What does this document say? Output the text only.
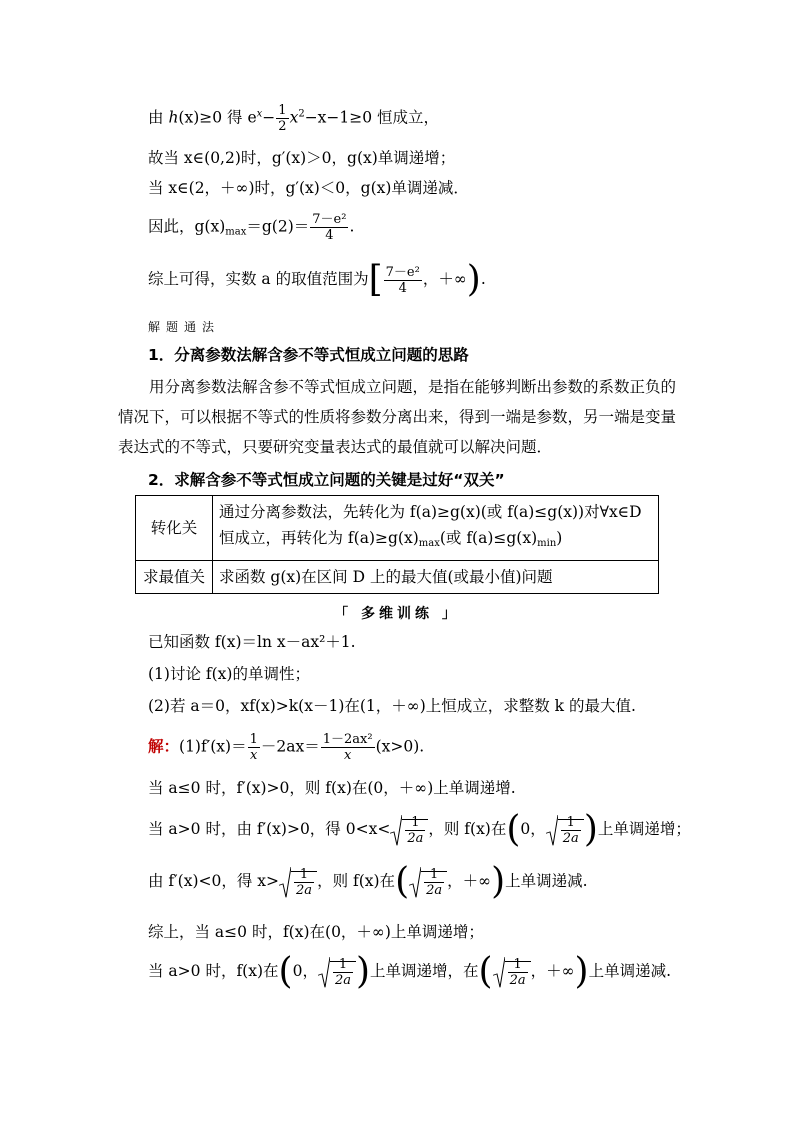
由 h(x)≥0 得 $e^x- \frac{1}{2} x^2-x-1\ge 0$ 恒成立，
故当 x∈(0,2)时，g′(x)＞0，g(x)单调递增；
当 x∈(2，＋∞)时，g′(x)＜0，g(x)单调递减．
因此，$g(x)_{max}=g(2)= \frac{\text{7－e²}}{4}$ .
综上可得，实数 a 的取值范围为[ $\frac{\text{7－e²}}{4}$ ，＋∞).
解题通法
1．分离参数法解含参不等式恒成立问题的思路
用分离参数法解含参不等式恒成立问题，是指在能够判断出参数的系数正负的情况下，可以根据不等式的性质将参数分离出来，得到一端是参数，另一端是变量表达式的不等式，只要研究变量表达式的最值就可以解决问题．
2．求解含参不等式恒成立问题的关键是过好“双关”
转化关	通过分离参数法，先转化为 f(a)≥g(x)(或 f(a)≤g(x))对∀x∈D
恒成立，再转化为 $f(a)\ge g(x)_{max}$(或 $f(a)\le g(x)_{min}$)

求最值关	求函数 g(x)在区间 D 上的最大值(或最小值)问题
「 多维训练 」
已知函数 f(x)＝ln x－ax²＋1.
(1)讨论 f(x)的单调性；
(2)若 a＝0，xf(x)>k(x－1)在(1，＋∞)上恒成立，求整数 k 的最大值.
解：$(1)f'(x)= \frac{1}{x} -2ax= \frac{\text{1－2ax²}}{x} (x>0)$.
当 a≤0 时，f′(x)>0，则 f(x)在(0，＋∞)上单调递增.
当 a>0 时，由 f′(x)>0，得 $0<x< \frac{1}{2a}$ ，则 f(x)在(0， $\frac{1}{2a}$ )上单调递增；
由 f′(x)<0，得 $x> \frac{1}{2a}$ ，则 f(x)在( $\frac{1}{2a}$ ，＋∞)上单调递减.
综上，当 a≤0 时，f(x)在(0，＋∞)上单调递增；
当 a>0 时，f(x)在(0， $\frac{1}{2a}$ )上单调递增，在( $\frac{1}{2a}$ ，＋∞)上单调递减.
